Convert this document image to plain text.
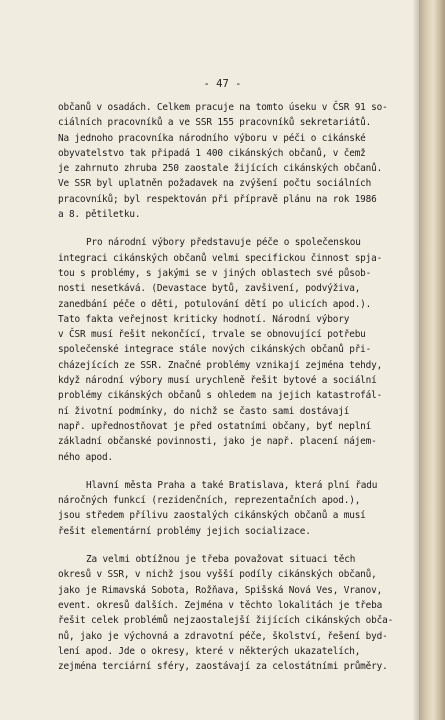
- 47 -
občanů v osadách. Celkem pracuje na tomto úseku v ČSR 91 so-
ciálních pracovníků a ve SSR 155 pracovníků sekretariátů.
Na jednoho pracovníka národního výboru v péči o cikánské
obyvatelstvo tak připadá 1 400 cikánských občanů, v čemž
je zahrnuto zhruba 250 zaostale žijících cikánských občanů.
Ve SSR byl uplatněn požadavek na zvýšení počtu sociálních
pracovníků; byl respektován při přípravě plánu na rok 1986
a 8. pětiletku.
Pro národní výbory představuje péče o společenskou
integraci cikánských občanů velmi specifickou činnost spja-
tou s problémy, s jakými se v jiných oblastech své působ-
nosti nesetkává. (Devastace bytů, zavšivení, podvýživa,
zanedbání péče o děti, potulování dětí po ulicích apod.).
Tato fakta veřejnost kriticky hodnotí. Národní výbory
v ČSR musí řešit nekončící, trvale se obnovující potřebu
společenské integrace stále nových cikánských občanů při-
cházejících ze SSR. Značné problémy vznikají zejména tehdy,
když národní výbory musí urychleně řešit bytové a sociální
problémy cikánských občanů s ohledem na jejich katastrofál-
ní životní podmínky, do nichž se často sami dostávají
např. upřednostňovat je před ostatními občany, byť neplní
základní občanské povinnosti, jako je např. placení nájem-
ného apod.
Hlavní města Praha a také Bratislava, která plní řadu
náročných funkcí (rezidenčních, reprezentačních apod.),
jsou středem přílivu zaostalých cikánských občanů a musí
řešit elementární problémy jejich socializace.
Za velmi obtížnou je třeba považovat situaci těch
okresů v SSR, v nichž jsou vyšší podíly cikánských občanů,
jako je Rimavská Sobota, Rožňava, Spišská Nová Ves, Vranov,
event. okresů dalších. Zejména v těchto lokalitách je třeba
řešit celek problémů nejzaostalejší žijících cikánských obča-
nů, jako je výchovná a zdravotní péče, školství, řešení byd-
lení apod. Jde o okresy, které v některých ukazatelích,
zejména terciární sféry, zaostávají za celostátními průměry.
